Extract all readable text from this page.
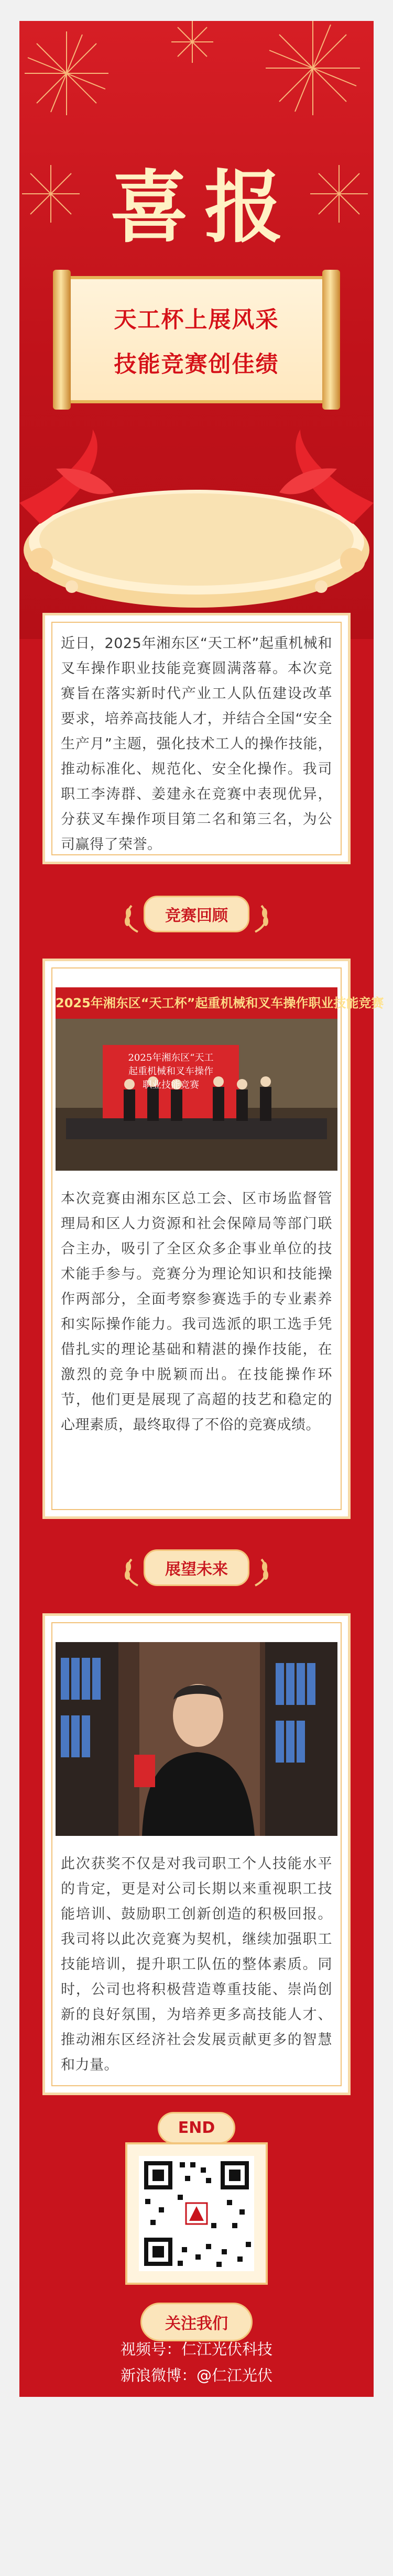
喜报
天工杯上展风采
技能竞赛创佳绩
近日，2025年湘东区“天工杯”起重机械和叉车操作职业技能竞赛圆满落幕。本次竞赛旨在落实新时代产业工人队伍建设改革要求，培养高技能人才，并结合全国“安全生产月”主题，强化技术工人的操作技能，推动标准化、规范化、安全化操作。我司职工李涛群、姜建永在竞赛中表现优异，分获叉车操作项目第二名和第三名，为公司赢得了荣誉。
竞赛回顾
2025年湘东区“天工杯”起重机械和叉车操作职业技能竞赛
2025年湘东区“天工
起重机械和叉车操作
职业技能竞赛
本次竞赛由湘东区总工会、区市场监督管理局和区人力资源和社会保障局等部门联合主办，吸引了全区众多企事业单位的技术能手参与。竞赛分为理论知识和技能操作两部分，全面考察参赛选手的专业素养和实际操作能力。我司选派的职工选手凭借扎实的理论基础和精湛的操作技能，在激烈的竞争中脱颖而出。在技能操作环节，他们更是展现了高超的技艺和稳定的心理素质，最终取得了不俗的竞赛成绩。
展望未来
此次获奖不仅是对我司职工个人技能水平的肯定，更是对公司长期以来重视职工技能培训、鼓励职工创新创造的积极回报。我司将以此次竞赛为契机，继续加强职工技能培训，提升职工队伍的整体素质。同时，公司也将积极营造尊重技能、崇尚创新的良好氛围，为培养更多高技能人才、推动湘东区经济社会发展贡献更多的智慧和力量。
END
关注我们
视频号：仁江光伏科技
新浪微博：@仁江光伏
